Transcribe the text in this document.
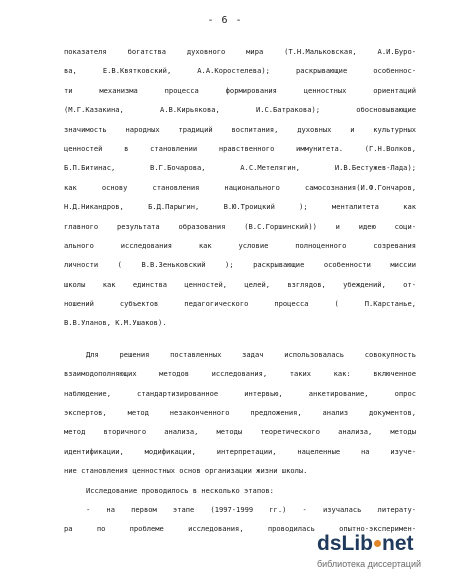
- 6 -
показателя богатства духовного мира (Т.Н.Мальковская, А.И.Буро-
ва, Е.В.Квятковский, А.А.Коростелева); раскрывающие особеннос-
ти механизма процесса формирования ценностных ориентаций
(М.Г.Казакина, А.В.Кирьякова, И.С.Батракова); обосновывающие
значимость народных традиций воспитания, духовных и культурных
ценностей в становлении нравственного иммунитета. (Г.Н.Волков,
Б.П.Битинас, В.Г.Бочарова, А.С.Метелягин, И.В.Бестужев-Лада);
как основу становления национального самосознания(И.Ф.Гончаров,
Н.Д.Никандров, Б.Д.Парыгин, В.Ю.Троицкий ); менталитета как
главного результата образования (В.С.Горшинский)) и идею соци-
ального исследования как условие полноценного созревания
личности ( В.В.Зеньковский ); раскрывающие особенности миссии
школы как единства ценностей, целей, взглядов, убеждений, от-
ношений субъектов педагогического процесса ( П.Карстанье,
В.В.Уланов, К.М.Ушаков).
Для решения поставленных задач использовалась совокупность
взаимодополняющих методов исследования, таких как: включенное
наблюдение, стандартизированное интервью, анкетирование, опрос
экспертов, метод незаконченного предложения, анализ документов,
метод вторичного анализа, методы теоретического анализа, методы
идентификации, модификации, интерпретации, нацеленные на изуче-
ние становления ценностных основ организации жизни школы.
Исследование проводилось в несколько этапов:
- на первом этапе (1997-1999 гг.) - изучалась литерату-
ра по проблеме исследования, проводилась опытно-эксперимен-
dsLib net
библиотека диссертаций
